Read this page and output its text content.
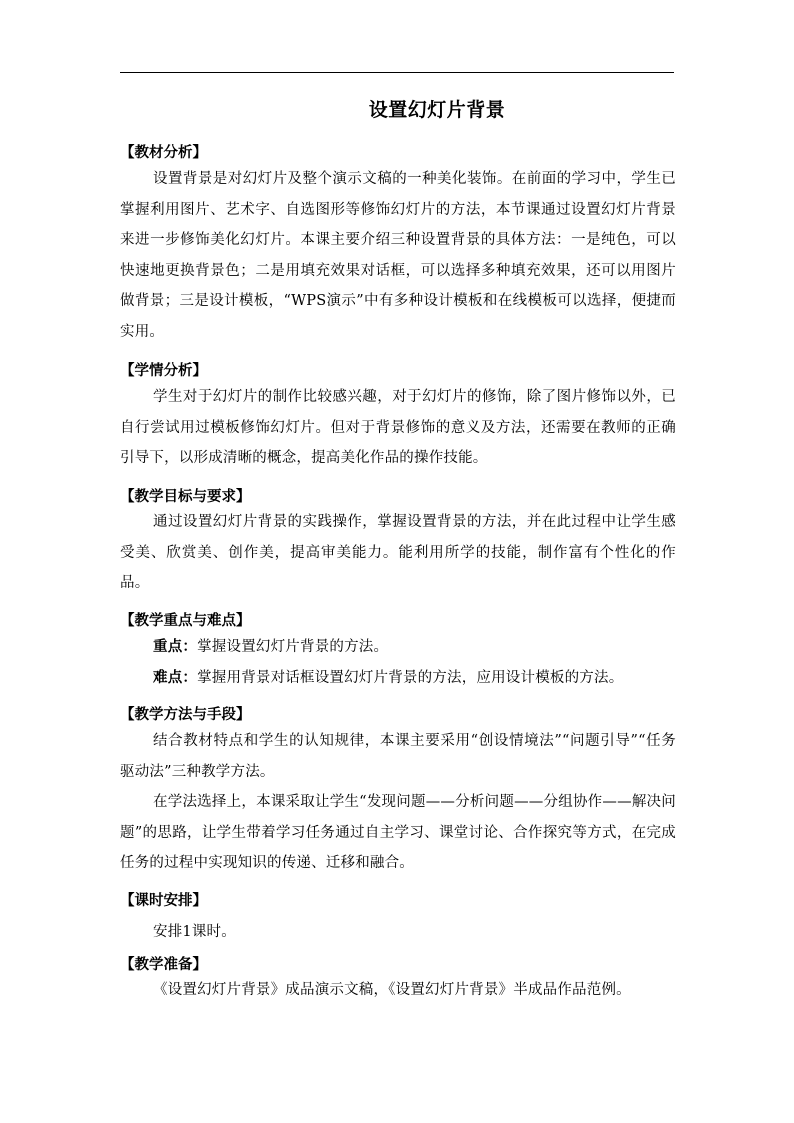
设置幻灯片背景
【教材分析】
设置背景是对幻灯片及整个演示文稿的一种美化装饰。在前面的学习中，学生已掌握利用图片、艺术字、自选图形等修饰幻灯片的方法，本节课通过设置幻灯片背景来进一步修饰美化幻灯片。本课主要介绍三种设置背景的具体方法：一是纯色，可以快速地更换背景色；二是用填充效果对话框，可以选择多种填充效果，还可以用图片做背景；三是设计模板，“WPS演示”中有多种设计模板和在线模板可以选择，便捷而实用。
【学情分析】
学生对于幻灯片的制作比较感兴趣，对于幻灯片的修饰，除了图片修饰以外，已自行尝试用过模板修饰幻灯片。但对于背景修饰的意义及方法，还需要在教师的正确引导下，以形成清晰的概念，提高美化作品的操作技能。
【教学目标与要求】
通过设置幻灯片背景的实践操作，掌握设置背景的方法，并在此过程中让学生感受美、欣赏美、创作美，提高审美能力。能利用所学的技能，制作富有个性化的作品。
【教学重点与难点】
重点：掌握设置幻灯片背景的方法。
难点：掌握用背景对话框设置幻灯片背景的方法，应用设计模板的方法。
【教学方法与手段】
结合教材特点和学生的认知规律，本课主要采用“创设情境法”“问题引导”“任务驱动法”三种教学方法。
在学法选择上，本课采取让学生“发现问题——分析问题——分组协作——解决问题”的思路，让学生带着学习任务通过自主学习、课堂讨论、合作探究等方式，在完成任务的过程中实现知识的传递、迁移和融合。
【课时安排】
安排1课时。
【教学准备】
《设置幻灯片背景》成品演示文稿，《设置幻灯片背景》半成品作品范例。
